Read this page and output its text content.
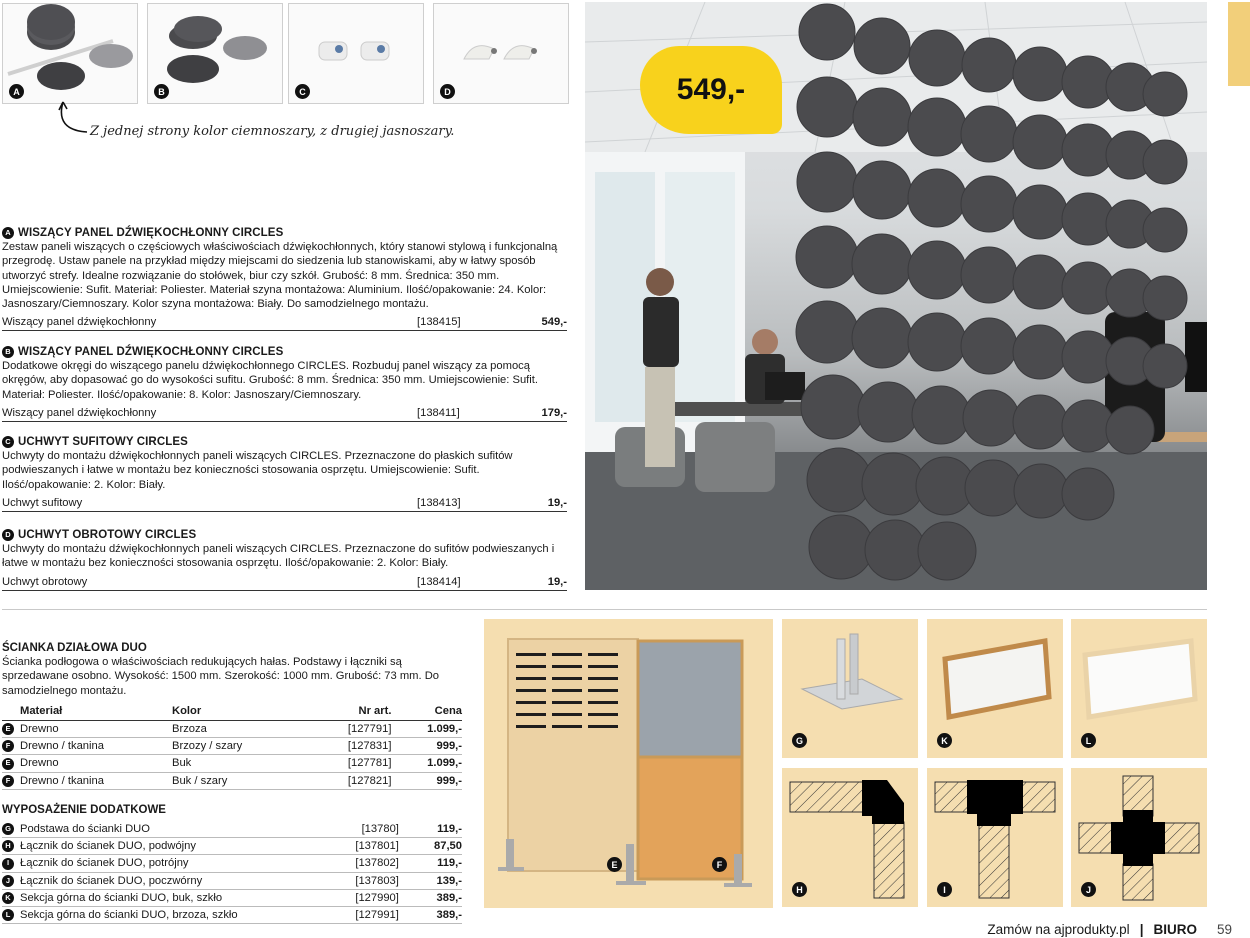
A	B	C	D
Z jednej strony kolor ciemnoszary, z drugiej jasnoszary.
A WISZĄCY PANEL DŹWIĘKOCHŁONNY CIRCLES

Zestaw paneli wiszących o częściowych właściwościach dźwiękochłonnych, który stanowi stylową i funkcjonalną przegrodę. Ustaw panele na przykład między miejscami do siedzenia lub stanowiskami, aby w łatwy sposób utworzyć strefy. Idealne rozwiązanie do stołówek, biur czy szkół. Grubość: 8 mm. Średnica: 350 mm. Umiejscowienie: Sufit. Materiał: Poliester. Materiał szyna montażowa: Aluminium. Ilość/opakowanie: 24. Kolor: Jasnoszary/Ciemnoszary. Kolor szyna montażowa: Biały. Do samodzielnego montażu.

Wiszący panel dźwiękochłonny	[138415]	549,-
B WISZĄCY PANEL DŹWIĘKOCHŁONNY CIRCLES

Dodatkowe okręgi do wiszącego panelu dźwiękochłonnego CIRCLES. Rozbuduj panel wiszący za pomocą okręgów, aby dopasować go do wysokości sufitu. Grubość: 8 mm. Średnica: 350 mm. Umiejscowienie: Sufit. Materiał: Poliester. Ilość/opakowanie: 8. Kolor: Jasnoszary/Ciemnoszary.

Wiszący panel dźwiękochłonny	[138411]	179,-
C UCHWYT SUFITOWY CIRCLES

Uchwyty do montażu dźwiękochłonnych paneli wiszących CIRCLES. Przeznaczone do płaskich sufitów podwieszanych i łatwe w montażu bez konieczności stosowania osprzętu. Umiejscowienie: Sufit. Ilość/opakowanie: 2. Kolor: Biały.

Uchwyt sufitowy	[138413]	19,-
D UCHWYT OBROTOWY CIRCLES

Uchwyty do montażu dźwiękochłonnych paneli wiszących CIRCLES. Przeznaczone do sufitów podwieszanych i łatwe w montażu bez konieczności stosowania osprzętu. Ilość/opakowanie: 2. Kolor: Biały.

Uchwyt obrotowy	[138414]	19,-
549,-
ŚCIANKA DZIAŁOWA DUO

Ścianka podłogowa o właściwościach redukujących hałas. Podstawy i łączniki są sprzedawane osobno. Wysokość: 1500 mm. Szerokość: 1000 mm. Grubość: 73 mm. Do samodzielnego montażu.

Materiał	Kolor	Nr art.	Cena

E Drewno	Brzoza	[127791]	1.099,-

F Drewno / tkanina	Brzozy / szary	[127831]	999,-

E Drewno	Buk	[127781]	1.099,-

F Drewno / tkanina	Buk / szary	[127821]	999,-
WYPOSAŻENIE DODATKOWE
G Podstawa do ścianki DUO	[13780]	119,-

H Łącznik do ścianek DUO, podwójny	[137801]	87,50

I Łącznik do ścianek DUO, potrójny	[137802]	119,-

J Łącznik do ścianek DUO, poczwórny	[137803]	139,-

K Sekcja górna do ścianki DUO, buk, szkło	[127990]	389,-

L Sekcja górna do ścianki DUO, brzoza, szkło	[127991]	389,-
E	F
G	K	L
H	I	J
Zamów na ajprodukty.pl | BIURO 59
